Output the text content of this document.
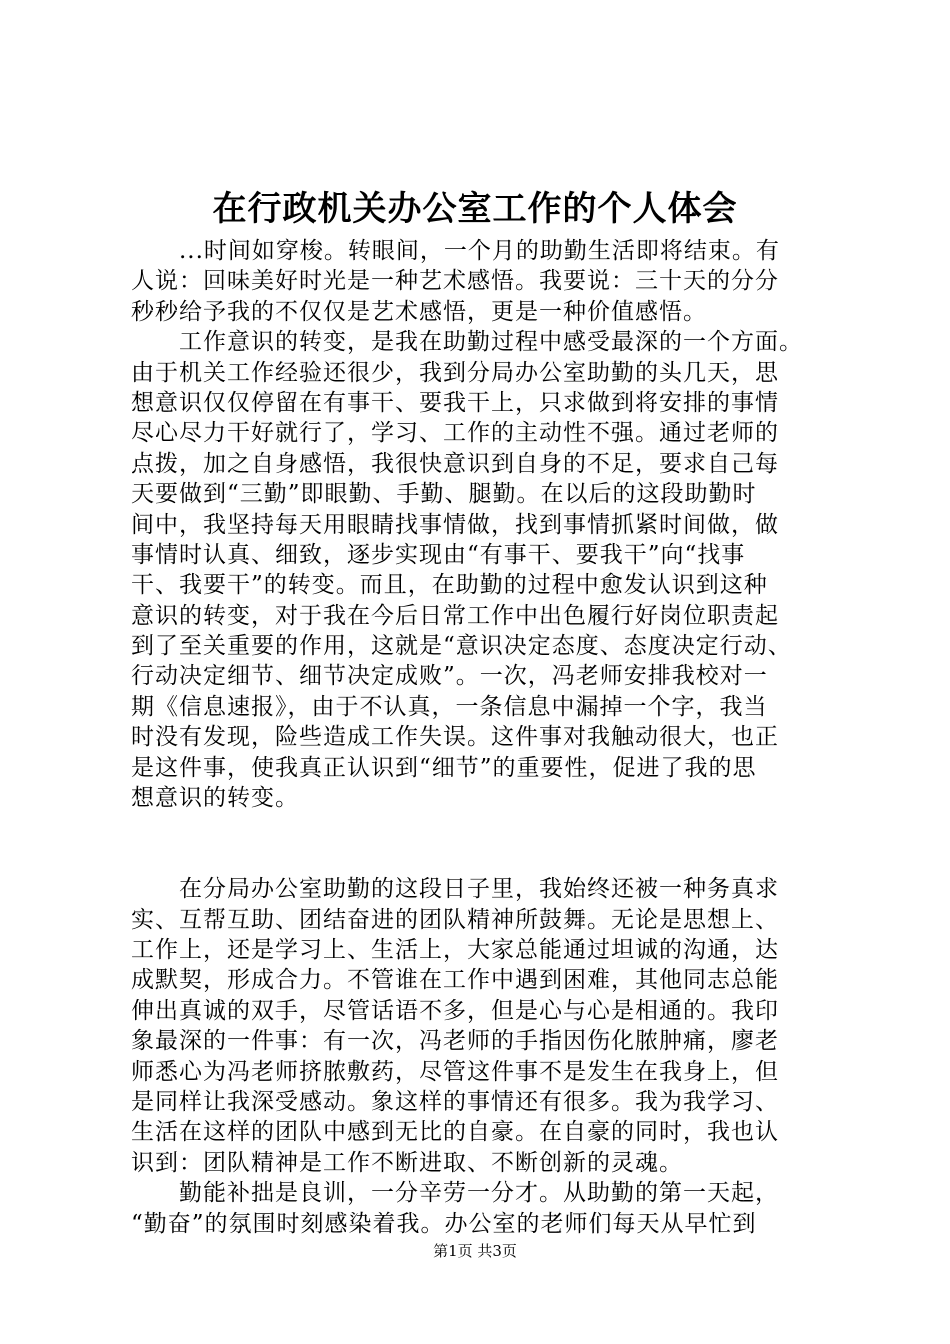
在行政机关办公室工作的个人体会
　　...时间如穿梭。转眼间，一个月的助勤生活即将结束。有
人说：回味美好时光是一种艺术感悟。我要说：三十天的分分
秒秒给予我的不仅仅是艺术感悟，更是一种价值感悟。
　　工作意识的转变，是我在助勤过程中感受最深的一个方面。
由于机关工作经验还很少，我到分局办公室助勤的头几天，思
想意识仅仅停留在有事干、要我干上，只求做到将安排的事情
尽心尽力干好就行了，学习、工作的主动性不强。通过老师的
点拨，加之自身感悟，我很快意识到自身的不足，要求自己每
天要做到“三勤”即眼勤、手勤、腿勤。在以后的这段助勤时
间中，我坚持每天用眼睛找事情做，找到事情抓紧时间做，做
事情时认真、细致，逐步实现由“有事干、要我干”向“找事
干、我要干”的转变。而且，在助勤的过程中愈发认识到这种
意识的转变，对于我在今后日常工作中出色履行好岗位职责起
到了至关重要的作用，这就是“意识决定态度、态度决定行动、
行动决定细节、细节决定成败”。一次，冯老师安排我校对一
期《信息速报》，由于不认真，一条信息中漏掉一个字，我当
时没有发现，险些造成工作失误。这件事对我触动很大，也正
是这件事，使我真正认识到“细节”的重要性，促进了我的思
想意识的转变。
　　在分局办公室助勤的这段日子里，我始终还被一种务真求
实、互帮互助、团结奋进的团队精神所鼓舞。无论是思想上、
工作上，还是学习上、生活上，大家总能通过坦诚的沟通，达
成默契，形成合力。不管谁在工作中遇到困难，其他同志总能
伸出真诚的双手，尽管话语不多，但是心与心是相通的。我印
象最深的一件事：有一次，冯老师的手指因伤化脓肿痛，廖老
师悉心为冯老师挤脓敷药，尽管这件事不是发生在我身上，但
是同样让我深受感动。象这样的事情还有很多。我为我学习、
生活在这样的团队中感到无比的自豪。在自豪的同时，我也认
识到：团队精神是工作不断进取、不断创新的灵魂。
　　勤能补拙是良训，一分辛劳一分才。从助勤的第一天起，
“勤奋”的氛围时刻感染着我。办公室的老师们每天从早忙到
第1页 共3页
